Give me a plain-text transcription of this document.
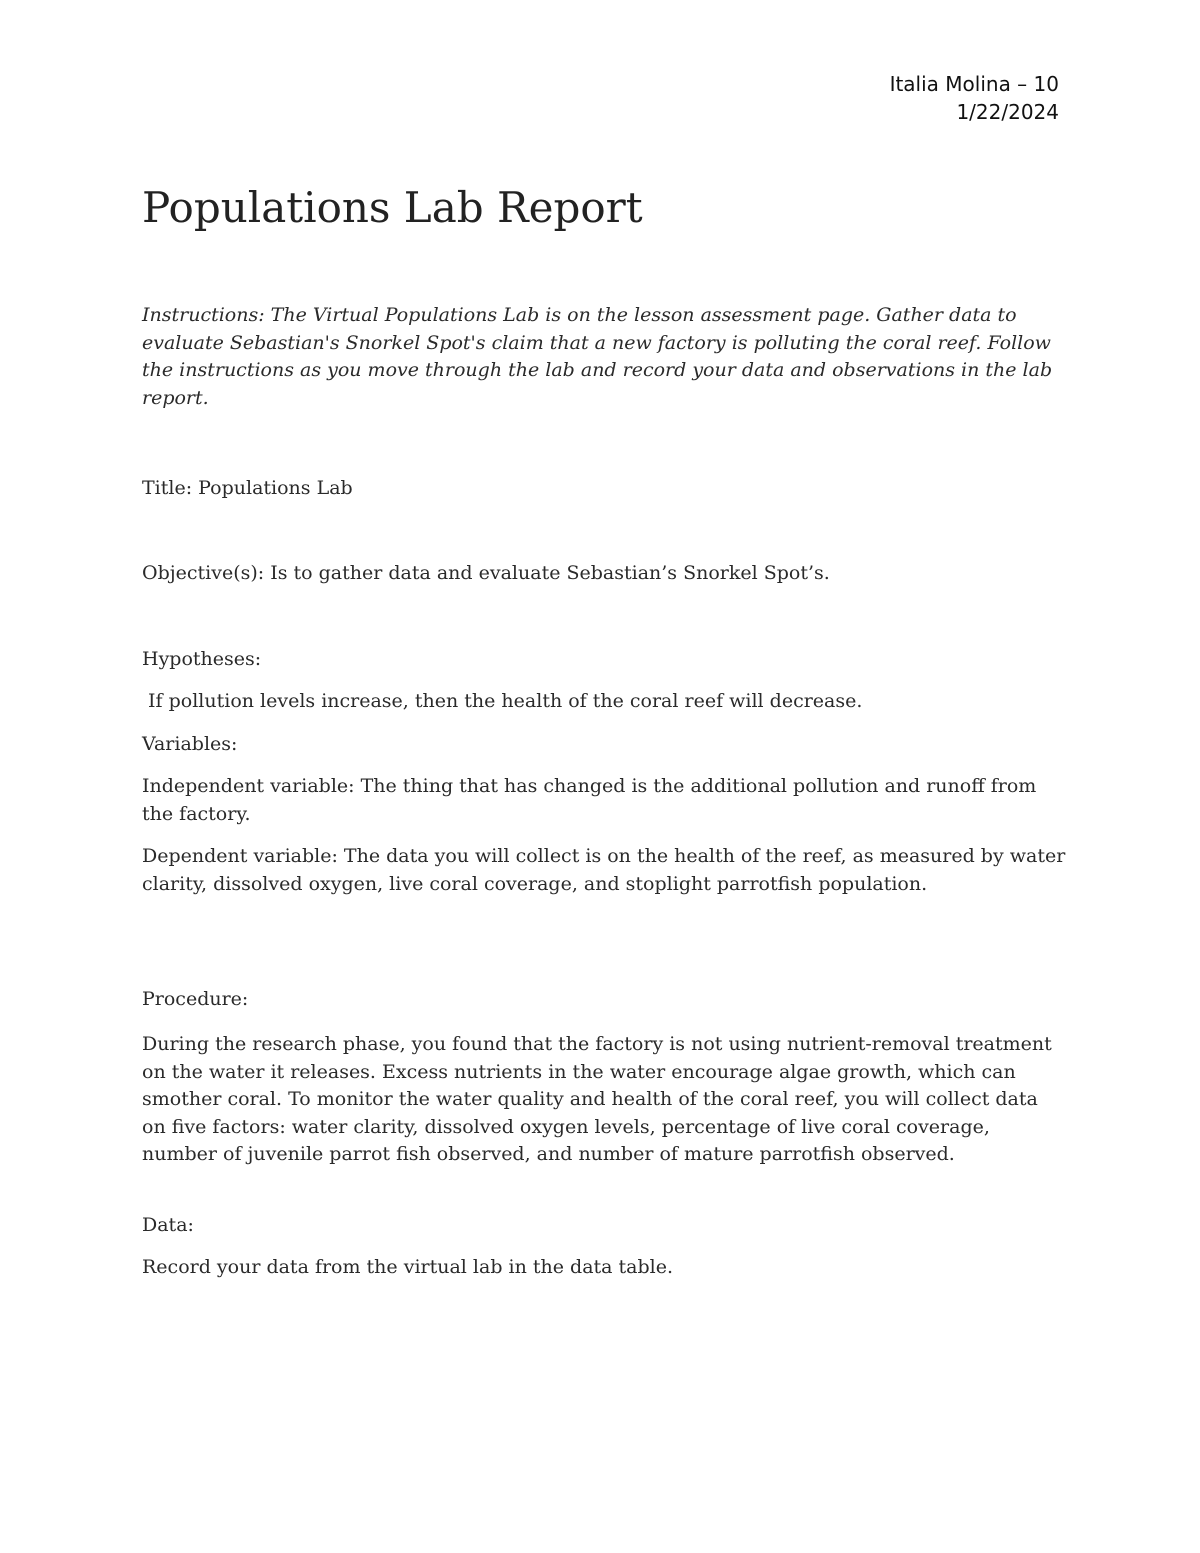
Italia Molina – 10
1/22/2024
Populations Lab Report

Instructions: The Virtual Populations Lab is on the lesson assessment page. Gather data to evaluate Sebastian's Snorkel Spot's claim that a new factory is polluting the coral reef. Follow the instructions as you move through the lab and record your data and observations in the lab report.

Title: Populations Lab

Objective(s): Is to gather data and evaluate Sebastian’s Snorkel Spot’s.

Hypotheses:

If pollution levels increase, then the health of the coral reef will decrease.

Variables:

Independent variable: The thing that has changed is the additional pollution and runoff from the factory.

Dependent variable: The data you will collect is on the health of the reef, as measured by water clarity, dissolved oxygen, live coral coverage, and stoplight parrotfish population.

Procedure:

During the research phase, you found that the factory is not using nutrient-removal treatment on the water it releases. Excess nutrients in the water encourage algae growth, which can smother coral. To monitor the water quality and health of the coral reef, you will collect data on five factors: water clarity, dissolved oxygen levels, percentage of live coral coverage, number of juvenile parrot fish observed, and number of mature parrotfish observed.

Data:

Record your data from the virtual lab in the data table.
